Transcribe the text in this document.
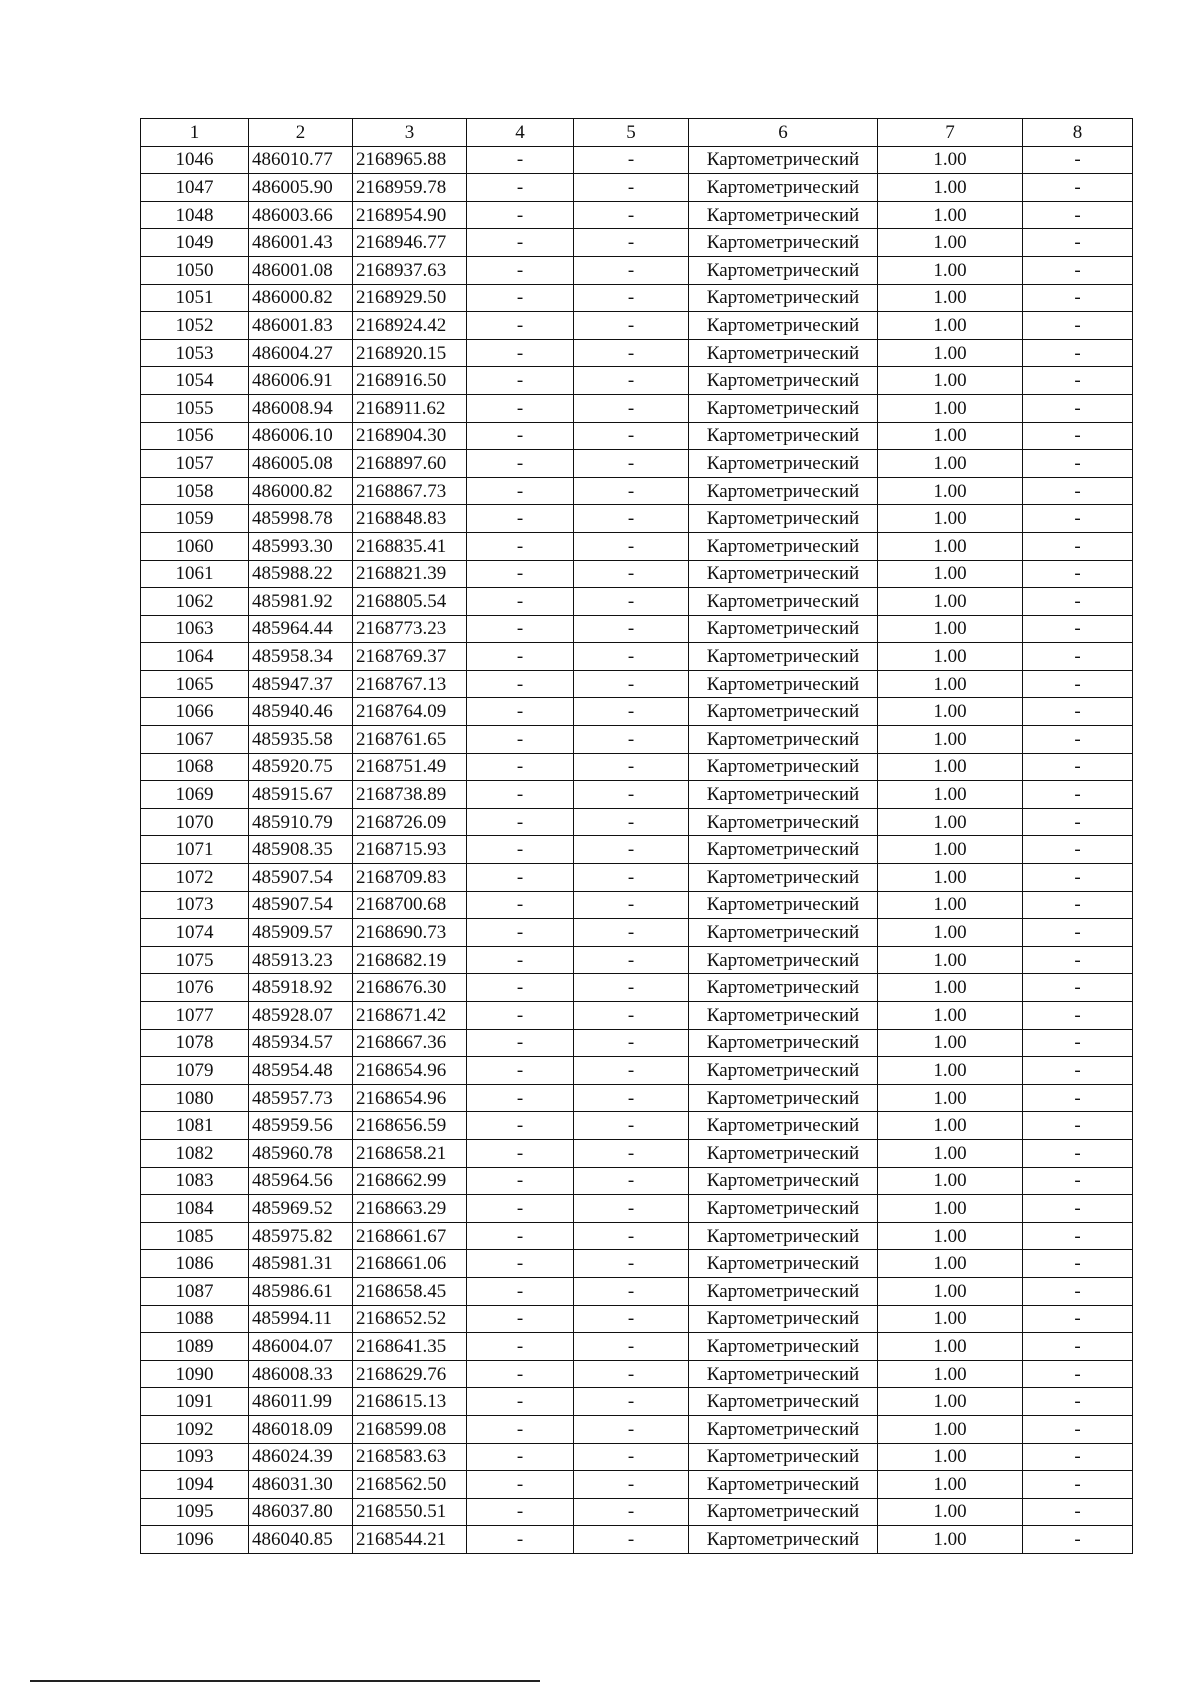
1	2	3	4	5	6	7	8
1046	486010.77	2168965.88	-	-	Картометрический	1.00	-
1047	486005.90	2168959.78	-	-	Картометрический	1.00	-
1048	486003.66	2168954.90	-	-	Картометрический	1.00	-
1049	486001.43	2168946.77	-	-	Картометрический	1.00	-
1050	486001.08	2168937.63	-	-	Картометрический	1.00	-
1051	486000.82	2168929.50	-	-	Картометрический	1.00	-
1052	486001.83	2168924.42	-	-	Картометрический	1.00	-
1053	486004.27	2168920.15	-	-	Картометрический	1.00	-
1054	486006.91	2168916.50	-	-	Картометрический	1.00	-
1055	486008.94	2168911.62	-	-	Картометрический	1.00	-
1056	486006.10	2168904.30	-	-	Картометрический	1.00	-
1057	486005.08	2168897.60	-	-	Картометрический	1.00	-
1058	486000.82	2168867.73	-	-	Картометрический	1.00	-
1059	485998.78	2168848.83	-	-	Картометрический	1.00	-
1060	485993.30	2168835.41	-	-	Картометрический	1.00	-
1061	485988.22	2168821.39	-	-	Картометрический	1.00	-
1062	485981.92	2168805.54	-	-	Картометрический	1.00	-
1063	485964.44	2168773.23	-	-	Картометрический	1.00	-
1064	485958.34	2168769.37	-	-	Картометрический	1.00	-
1065	485947.37	2168767.13	-	-	Картометрический	1.00	-
1066	485940.46	2168764.09	-	-	Картометрический	1.00	-
1067	485935.58	2168761.65	-	-	Картометрический	1.00	-
1068	485920.75	2168751.49	-	-	Картометрический	1.00	-
1069	485915.67	2168738.89	-	-	Картометрический	1.00	-
1070	485910.79	2168726.09	-	-	Картометрический	1.00	-
1071	485908.35	2168715.93	-	-	Картометрический	1.00	-
1072	485907.54	2168709.83	-	-	Картометрический	1.00	-
1073	485907.54	2168700.68	-	-	Картометрический	1.00	-
1074	485909.57	2168690.73	-	-	Картометрический	1.00	-
1075	485913.23	2168682.19	-	-	Картометрический	1.00	-
1076	485918.92	2168676.30	-	-	Картометрический	1.00	-
1077	485928.07	2168671.42	-	-	Картометрический	1.00	-
1078	485934.57	2168667.36	-	-	Картометрический	1.00	-
1079	485954.48	2168654.96	-	-	Картометрический	1.00	-
1080	485957.73	2168654.96	-	-	Картометрический	1.00	-
1081	485959.56	2168656.59	-	-	Картометрический	1.00	-
1082	485960.78	2168658.21	-	-	Картометрический	1.00	-
1083	485964.56	2168662.99	-	-	Картометрический	1.00	-
1084	485969.52	2168663.29	-	-	Картометрический	1.00	-
1085	485975.82	2168661.67	-	-	Картометрический	1.00	-
1086	485981.31	2168661.06	-	-	Картометрический	1.00	-
1087	485986.61	2168658.45	-	-	Картометрический	1.00	-
1088	485994.11	2168652.52	-	-	Картометрический	1.00	-
1089	486004.07	2168641.35	-	-	Картометрический	1.00	-
1090	486008.33	2168629.76	-	-	Картометрический	1.00	-
1091	486011.99	2168615.13	-	-	Картометрический	1.00	-
1092	486018.09	2168599.08	-	-	Картометрический	1.00	-
1093	486024.39	2168583.63	-	-	Картометрический	1.00	-
1094	486031.30	2168562.50	-	-	Картометрический	1.00	-
1095	486037.80	2168550.51	-	-	Картометрический	1.00	-
1096	486040.85	2168544.21	-	-	Картометрический	1.00	-
